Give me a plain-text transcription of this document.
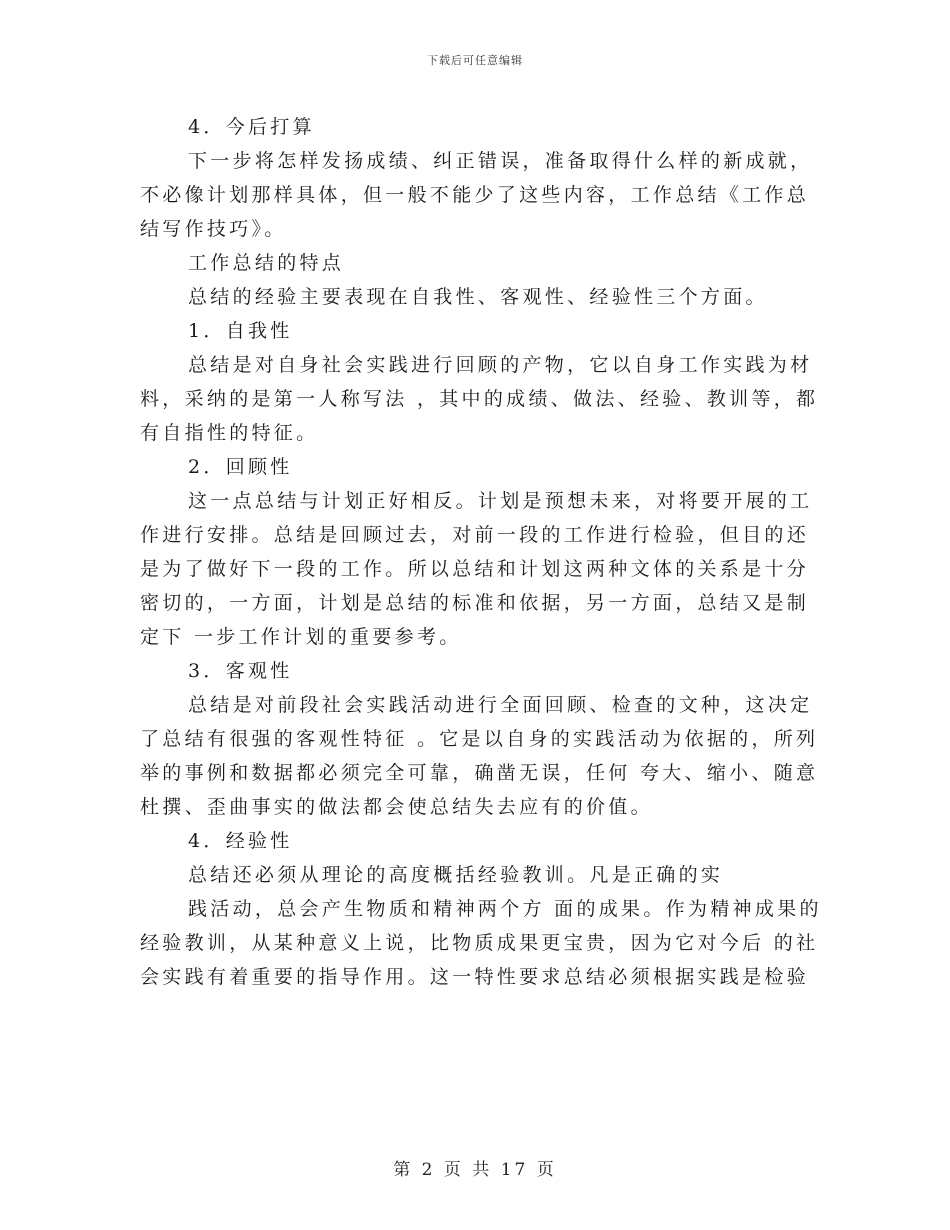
下载后可任意编辑
4．今后打算
下一步将怎样发扬成绩、纠正错误，准备取得什么样的新成就，
不必像计划那样具体，但一般不能少了这些内容，工作总结《工作总
结写作技巧》。
工作总结的特点
总结的经验主要表现在自我性、客观性、经验性三个方面。
1．自我性
总结是对自身社会实践进行回顾的产物，它以自身工作实践为材
料，采纳的是第一人称写法 ，其中的成绩、做法、经验、教训等，都
有自指性的特征。
2．回顾性
这一点总结与计划正好相反。计划是预想未来，对将要开展的工
作进行安排。总结是回顾过去，对前一段的工作进行检验，但目的还
是为了做好下一段的工作。所以总结和计划这两种文体的关系是十分
密切的，一方面，计划是总结的标准和依据，另一方面，总结又是制
定下 一步工作计划的重要参考。
3．客观性
总结是对前段社会实践活动进行全面回顾、检查的文种，这决定
了总结有很强的客观性特征 。它是以自身的实践活动为依据的，所列
举的事例和数据都必须完全可靠，确凿无误，任何 夸大、缩小、随意
杜撰、歪曲事实的做法都会使总结失去应有的价值。
4．经验性
总结还必须从理论的高度概括经验教训。凡是正确的实
践活动，总会产生物质和精神两个方 面的成果。作为精神成果的
经验教训，从某种意义上说，比物质成果更宝贵，因为它对今后 的社
会实践有着重要的指导作用。这一特性要求总结必须根据实践是检验
第 2 页 共 17 页
